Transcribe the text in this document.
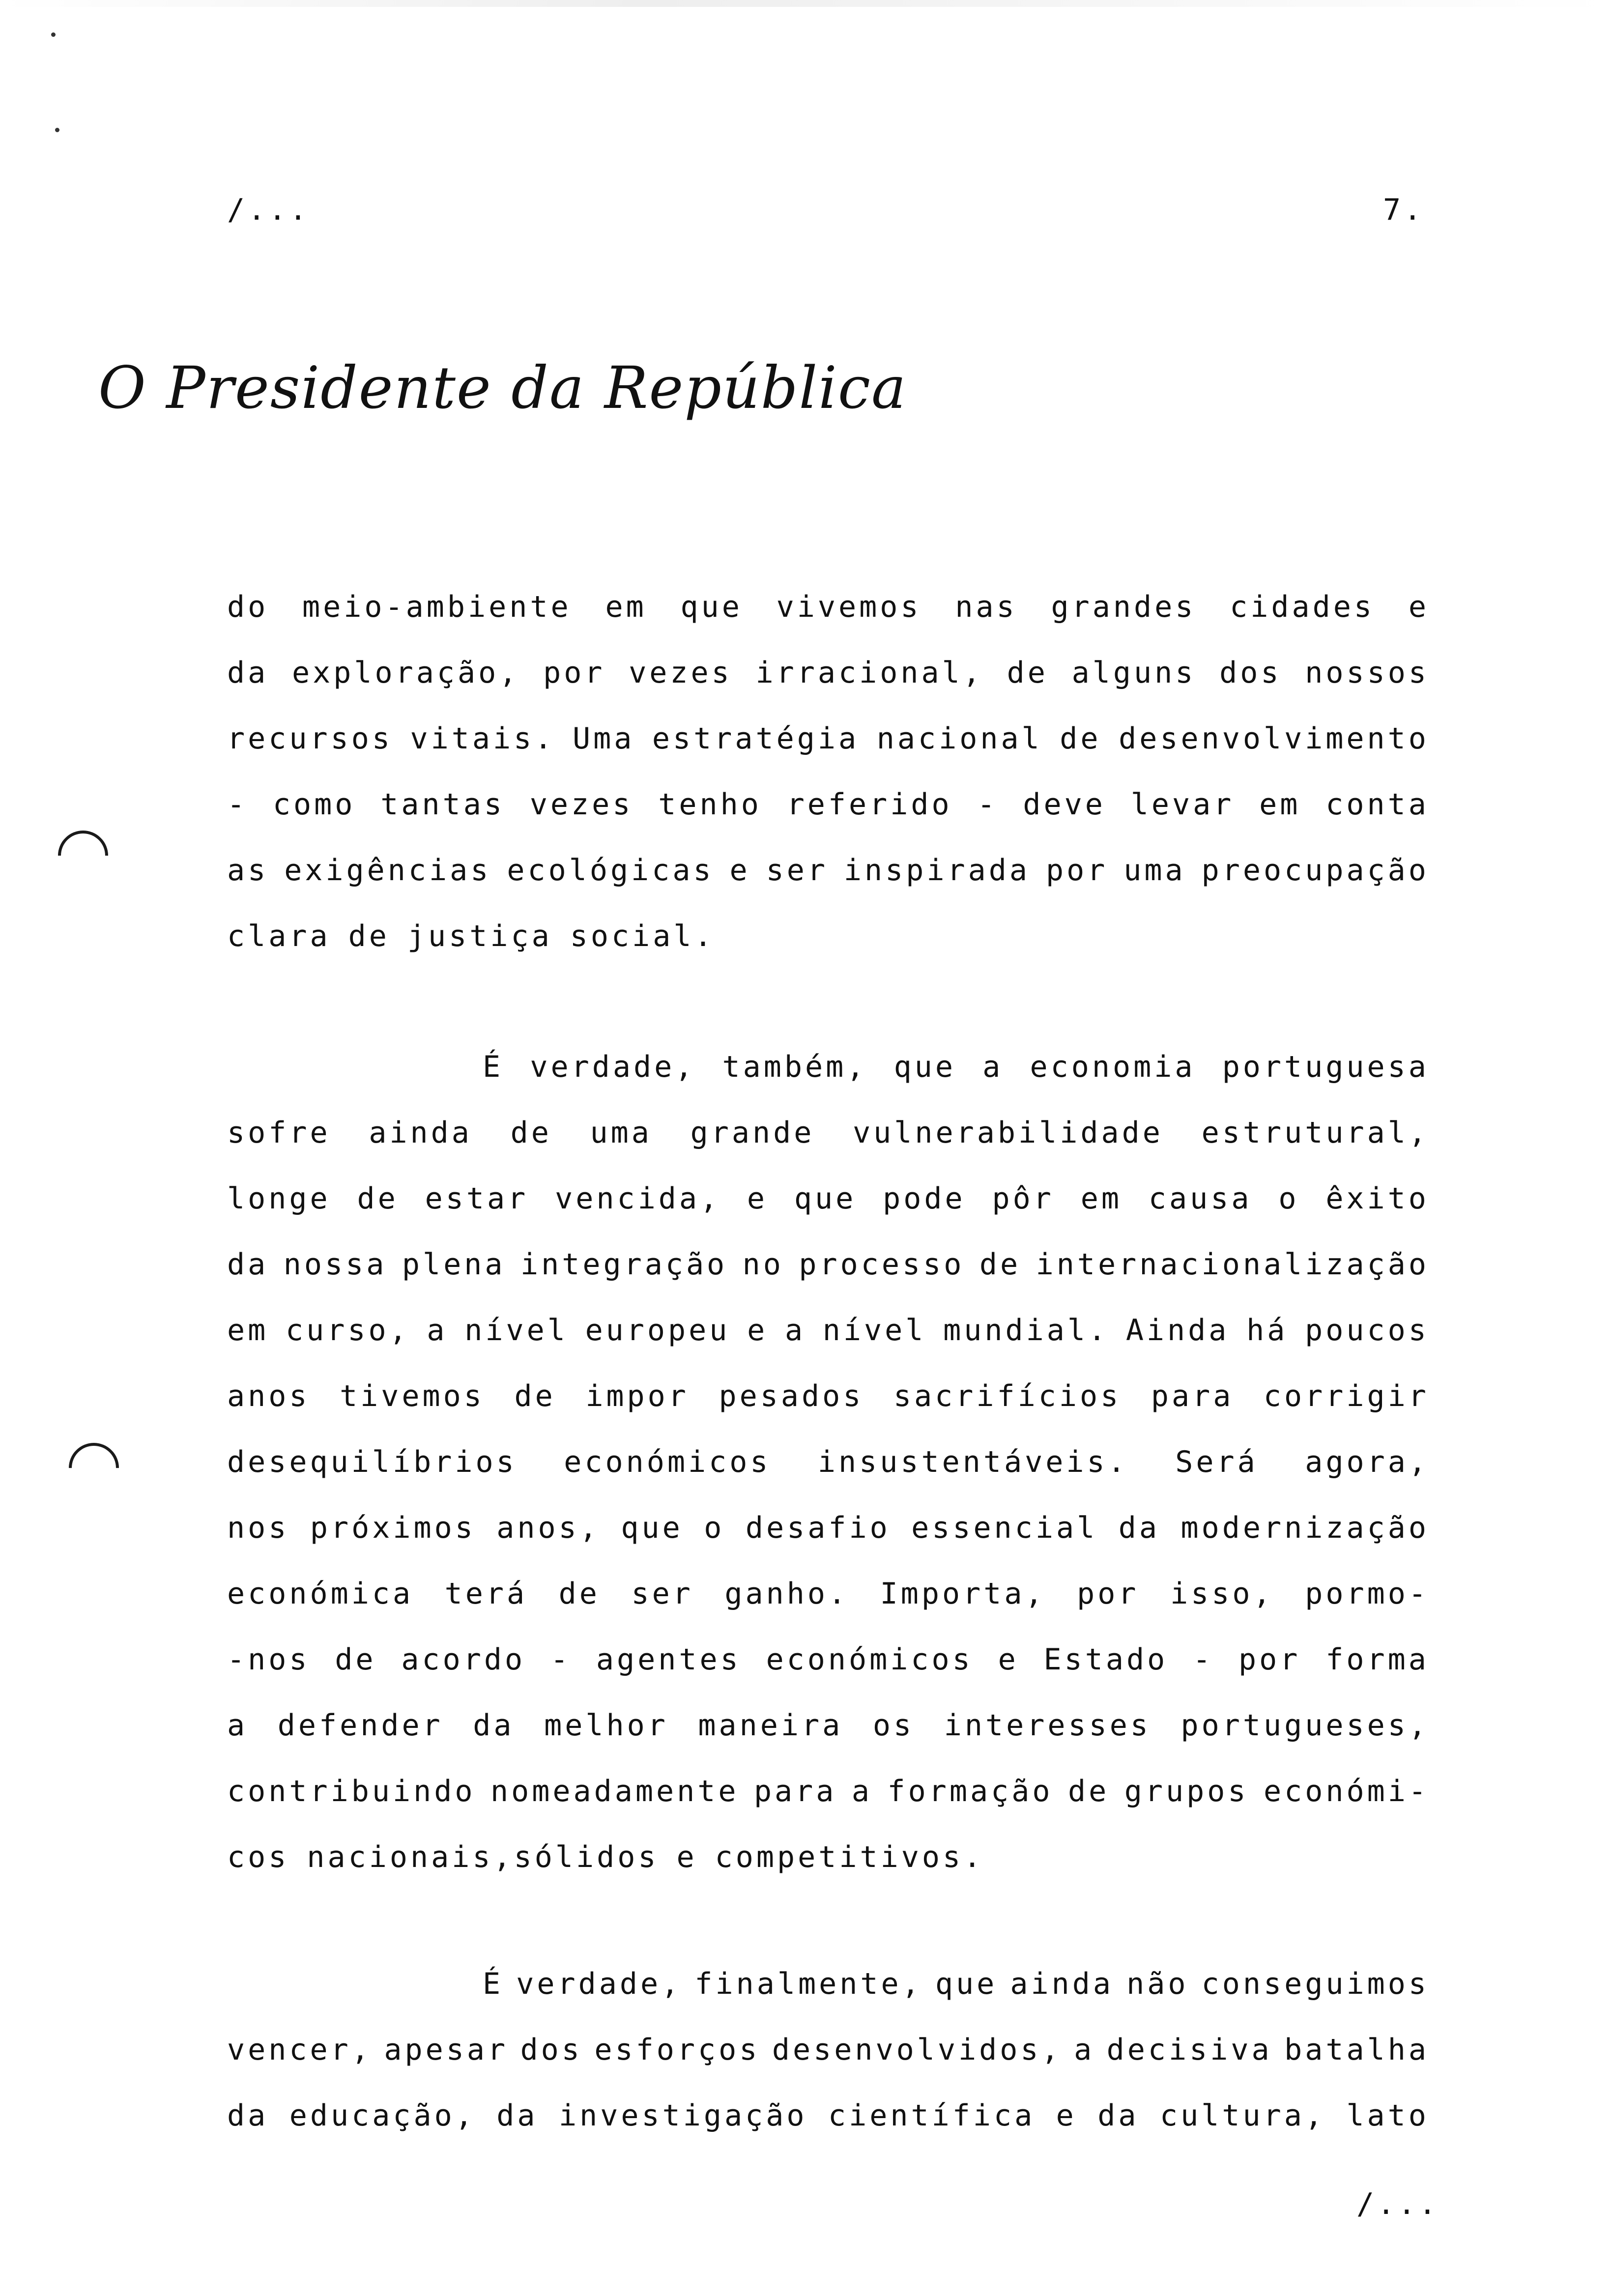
/...	7.
O Presidente da República
do meio-ambiente em que vivemos nas grandes cidades e
da exploração, por vezes irracional, de alguns dos nossos
recursos vitais. Uma estratégia nacional de desenvolvimento
- como tantas vezes tenho referido - deve levar em conta
as exigências ecológicas e ser inspirada por uma preocupação
clara de justiça social.
É verdade, também, que a economia portuguesa
sofre ainda de uma grande vulnerabilidade estrutural,
longe de estar vencida, e que pode pôr em causa o êxito
da nossa plena integração no processo de internacionalização
em curso, a nível europeu e a nível mundial. Ainda há poucos
anos tivemos de impor pesados sacrifícios para corrigir
desequilíbrios económicos insustentáveis. Será agora,
nos próximos anos, que o desafio essencial da modernização
económica terá de ser ganho. Importa, por isso, pormo-
-nos de acordo - agentes económicos e Estado - por forma
a defender da melhor maneira os interesses portugueses,
contribuindo nomeadamente para a formação de grupos económi-
cos nacionais,sólidos e competitivos.
É verdade, finalmente, que ainda não conseguimos
vencer, apesar dos esforços desenvolvidos, a decisiva batalha
da educação, da investigação científica e da cultura, lato
/...
